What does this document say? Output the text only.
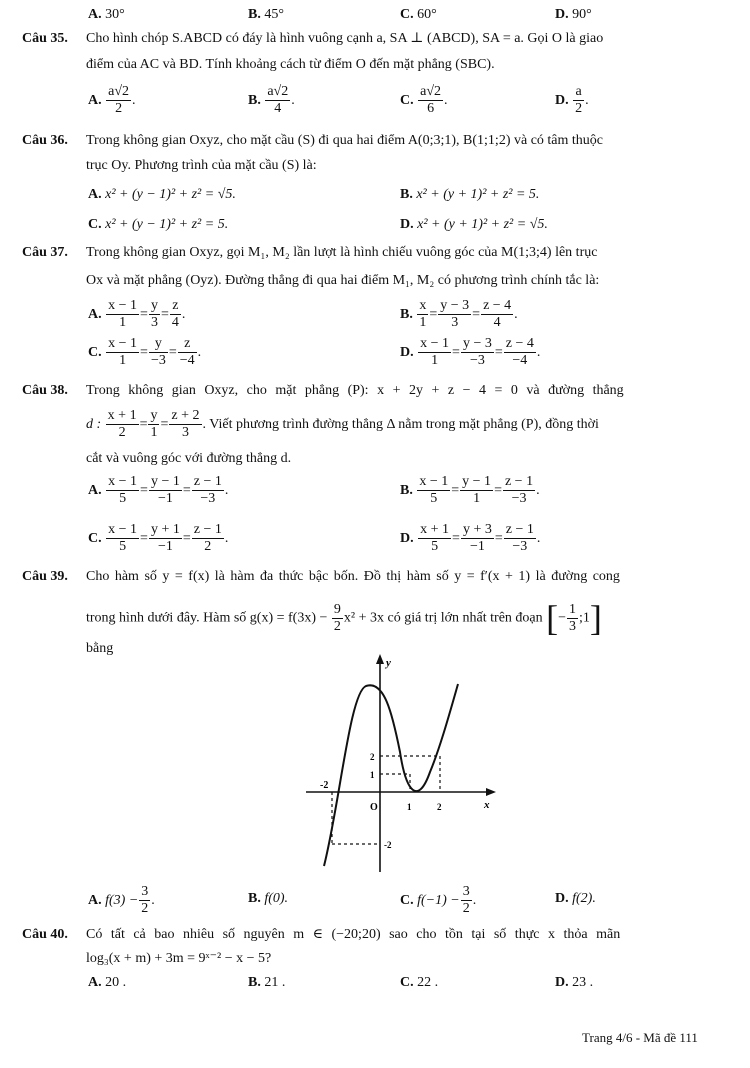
A. 30°	B. 45°	C. 60°	D. 90°
Câu 35. Cho hình chóp S.ABCD có đáy là hình vuông cạnh a, SA ⊥ (ABCD), SA = a. Gọi O là giao
điểm của AC và BD. Tính khoảng cách từ điểm O đến mặt phẳng (SBC).
A. $\frac{a√2}{2}$ .	B. $\frac{a√2}{4}$ .	C. $\frac{a√2}{6}$ .	D. $\frac{a}{2}$ .
Câu 36. Trong không gian Oxyz, cho mặt cầu (S) đi qua hai điểm A(0;3;1), B(1;1;2) và có tâm thuộc
trục Oy. Phương trình của mặt cầu (S) là:
A. x² + (y − 1)² + z² = √5.	B. x² + (y + 1)² + z² = 5.
C. x² + (y − 1)² + z² = 5.	D. x² + (y + 1)² + z² = √5.
Câu 37. Trong không gian Oxyz, gọi M₁, M₂ lần lượt là hình chiếu vuông góc của M(1;3;4) lên trục
Ox và mặt phẳng (Oyz). Đường thẳng đi qua hai điểm M₁, M₂ có phương trình chính tắc là:
A. $\frac{x - 1}{1} = \frac{y}{3} = \frac{z}{4}$ .	B. $\frac{x}{1} = \frac{y - 3}{3} = \frac{z - 4}{4}$ .
C. $\frac{x - 1}{1} = \frac{y}{-3} = \frac{z}{-4}$ .	D. $\frac{x - 1}{1} = \frac{y - 3}{-3} = \frac{z - 4}{-4}$ .
Câu 38. Trong không gian Oxyz, cho mặt phẳng (P): x + 2y + z − 4 = 0 và đường thẳng
d : $\frac{x + 1}{2} = \frac{y}{1} = \frac{z + 2}{3}$ . Viết phương trình đường thẳng Δ nằm trong mặt phẳng (P), đồng thời
cắt và vuông góc với đường thẳng d.
A. $\frac{x - 1}{5} = \frac{y - 1}{-1} = \frac{z - 1}{-3}$ .	B. $\frac{x - 1}{5} = \frac{y - 1}{1} = \frac{z - 1}{-3}$ .
C. $\frac{x - 1}{5} = \frac{y + 1}{-1} = \frac{z - 1}{2}$ .	D. $\frac{x + 1}{5} = \frac{y + 3}{-1} = \frac{z - 1}{-3}$ .
Câu 39. Cho hàm số y = f(x) là hàm đa thức bậc bốn. Đồ thị hàm số y = f′(x + 1) là đường cong
trong hình dưới đây. Hàm số $g(x) = f(3x) - \frac{9}{2} x^2 + 3x$ có giá trị lớn nhất trên đoạn [− $\frac{1}{3}$ ;1]
bằng
y
x
O
-2
1	2
1
2
-2
A. $f(3) - \frac{3}{2}$ .	B. f(0).	C. $f(-1) - \frac{3}{2}$ .	D. f(2).
Câu 40. Có tất cả bao nhiêu số nguyên m ∈ (−20;20) sao cho tồn tại số thực x thỏa mãn
log₃(x + m) + 3m = 9ˣ⁻² − x − 5?
A. 20 .	B. 21 .	C. 22 .	D. 23 .
Trang 4/6 - Mã đề 111
